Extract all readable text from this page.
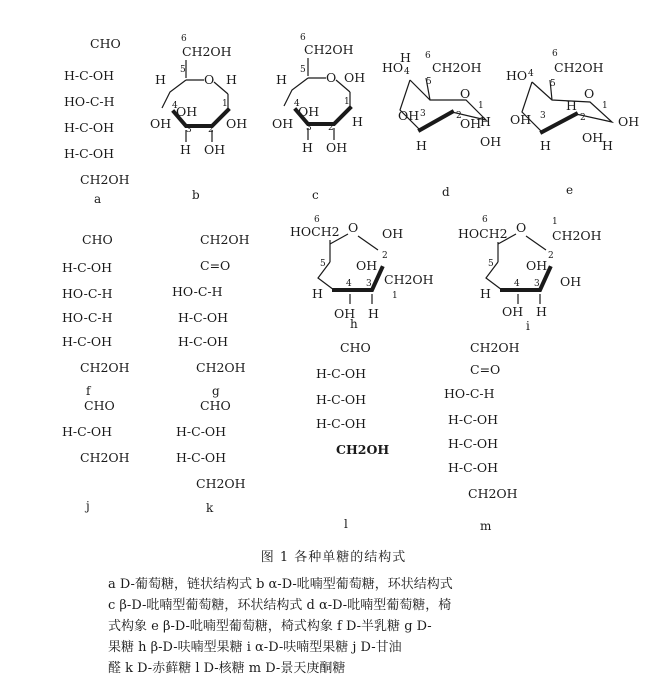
CHO
H-C-OH
HO-C-H
H-C-OH
H-C-OH
CH2OH
a
CHO
H-C-OH
HO-C-H
HO-C-H
H-C-OH
CH2OH
f
CH2OH
C=O
HO-C-H
H-C-OH
H-C-OH
CH2OH
g
CHO
H-C-OH
CH2OH
j
CHO
H-C-OH
H-C-OH
CH2OH
k
CHO
H-C-OH
H-C-OH
H-C-OH
CH2OH
l
CH2OH
C=O
HO-C-H
H-C-OH
H-C-OH
H-C-OH
CH2OH
m
6
CH2OH
5
O
H	H
4	1
OH	OH
OH
3 2
H OH
b
6
CH2OH
5 O
H	OH
4	1
OH	H
OH
3 2
H OH
c
6
CH2OH
HO
H
4
5
O
3	2
1
OH	H
OH
H	OH
d
6
CH2OH
HO 4
5
O
3	2
1
OH	OH
H
H
OH
H
e
6
HOCH2 O OH
5
2
H
OH
CH2OH
1
4 3
OH H
h
6
HOCH2 O	1
CH2OH
5
2
H
OH
OH
4 3
OH H
i
图 1 各种单糖的结构式

a D-葡萄糖，链状结构式 b α-D-吡喃型葡萄糖，环状结构式
c β-D-吡喃型葡萄糖，环状结构式 d α-D-吡喃型葡萄糖，椅
式构象 e β-D-吡喃型葡萄糖，椅式构象 f D-半乳糖 g D-
果糖 h β-D-呋喃型果糖 i α-D-呋喃型果糖 j D-甘油
醛 k D-赤藓糖 l D-核糖 m D-景天庚酮糖
